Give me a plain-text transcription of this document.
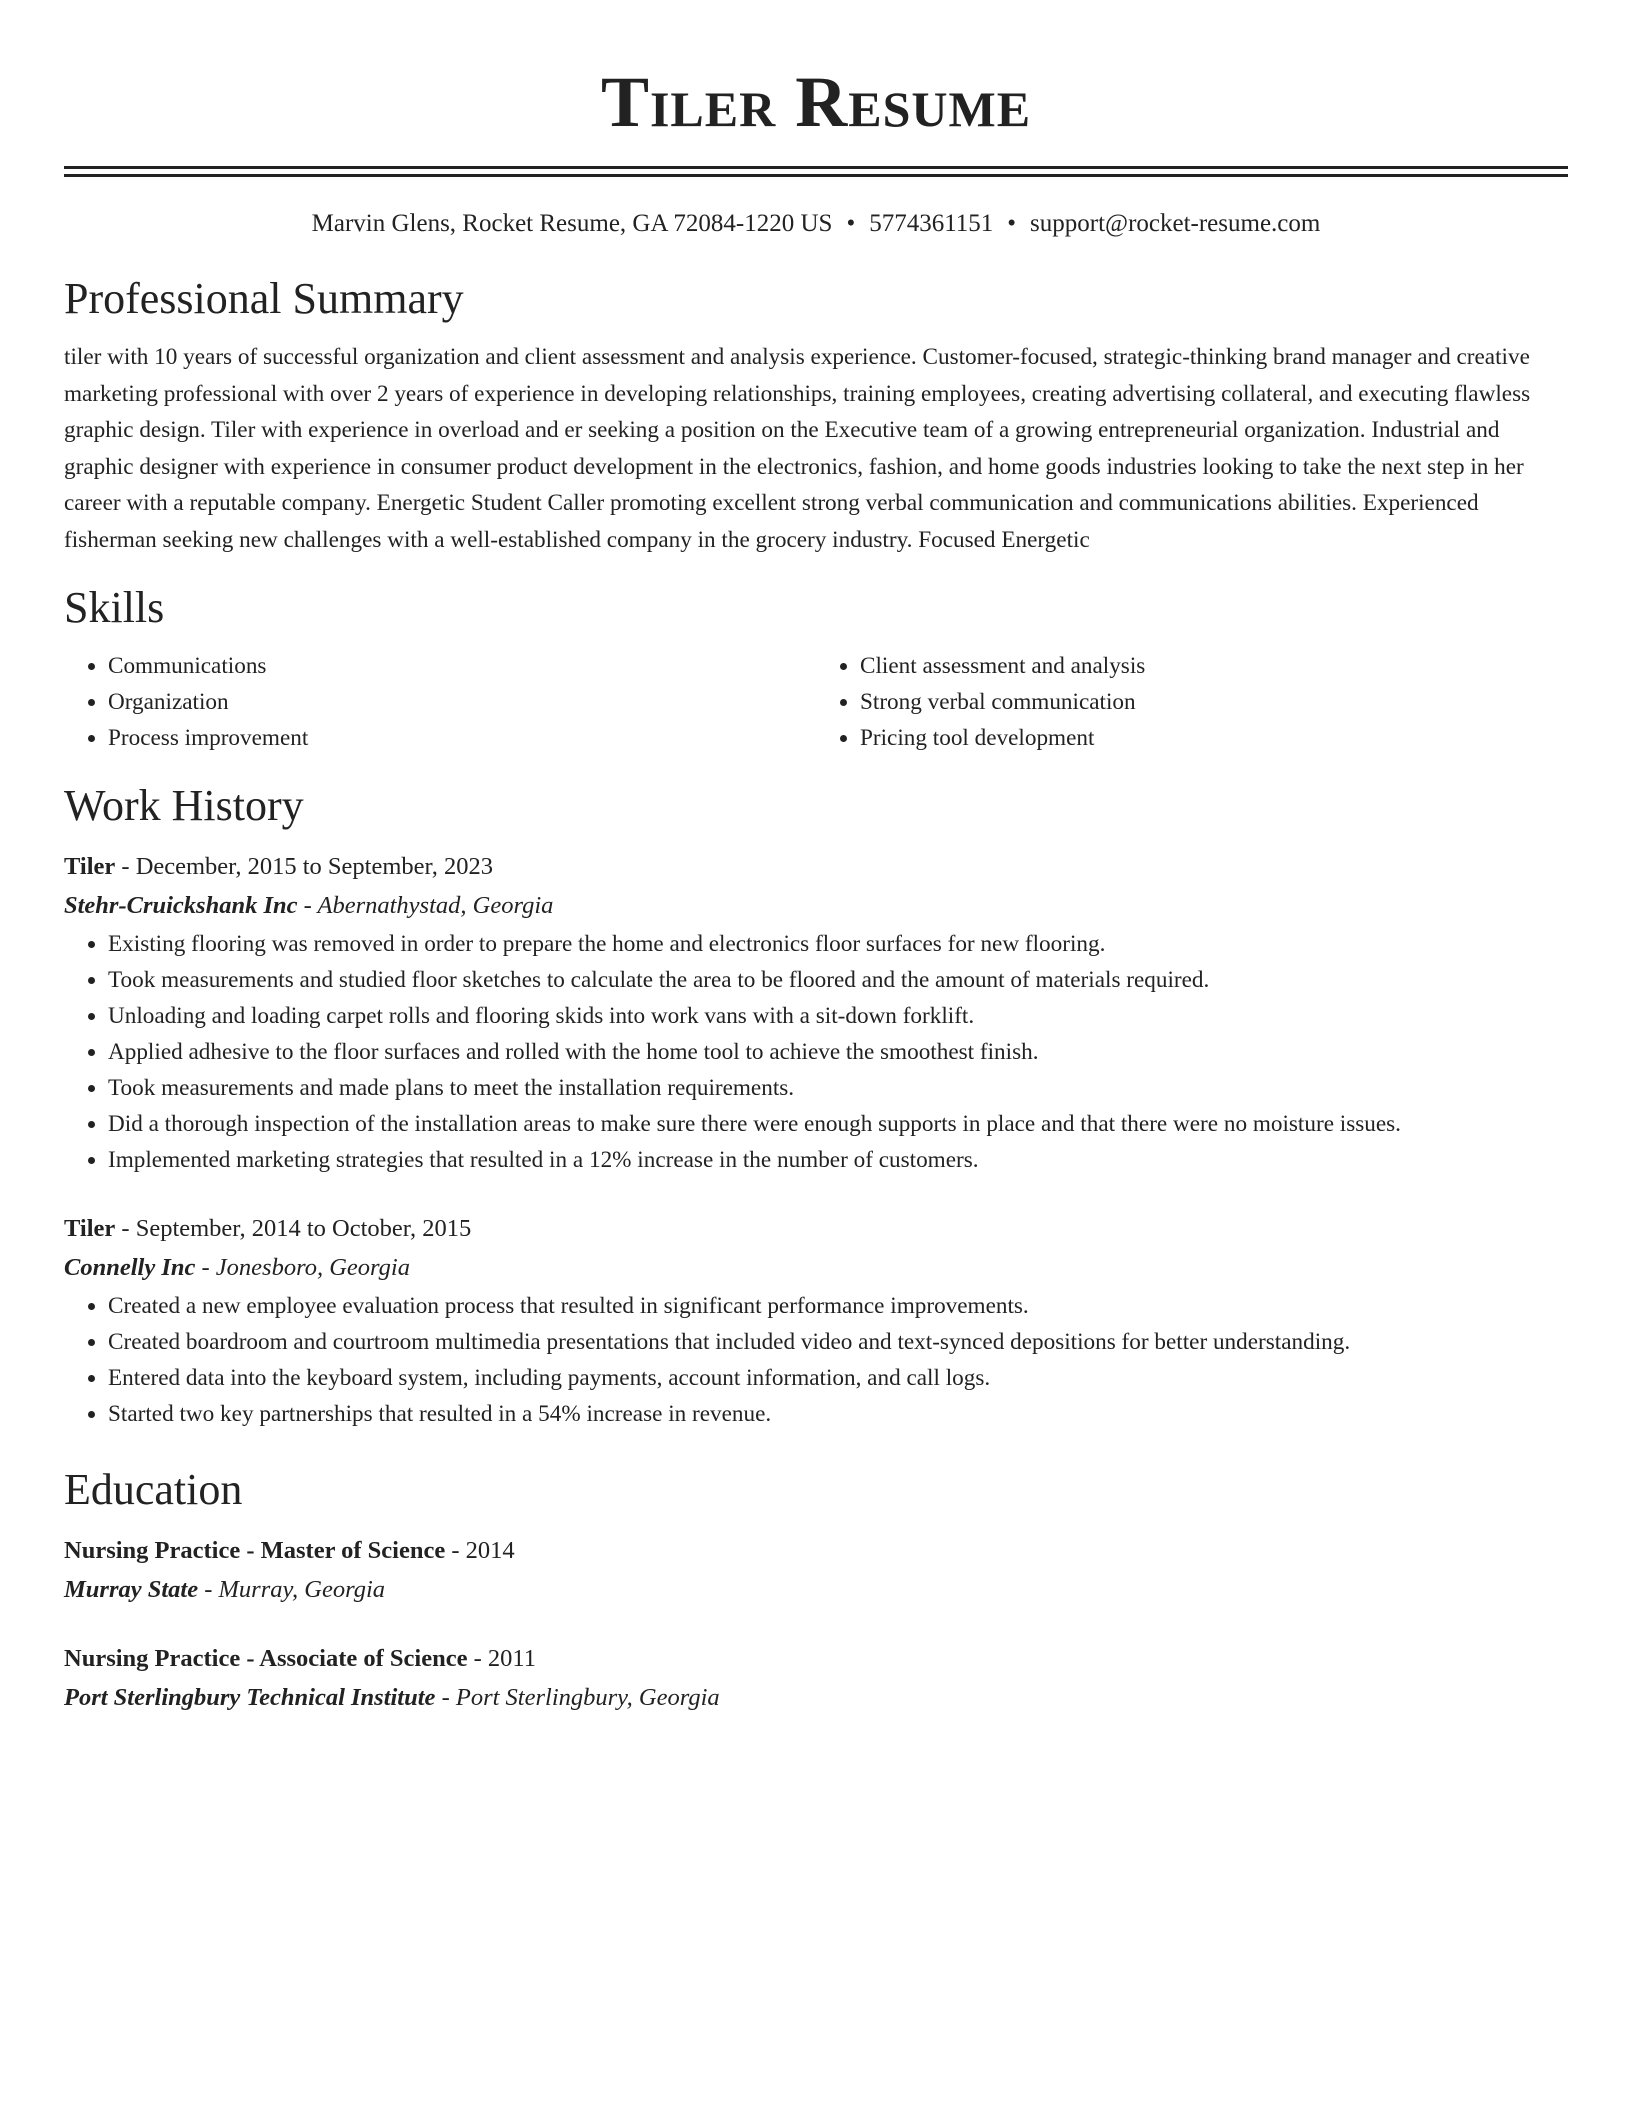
Tiler Resume
Marvin Glens, Rocket Resume, GA 72084-1220 US • 5774361151 • support@rocket-resume.com
Professional Summary
tiler with 10 years of successful organization and client assessment and analysis experience. Customer-focused, strategic-thinking brand manager and creative marketing professional with over 2 years of experience in developing relationships, training employees, creating advertising collateral, and executing flawless graphic design. Tiler with experience in overload and er seeking a position on the Executive team of a growing entrepreneurial organization. Industrial and graphic designer with experience in consumer product development in the electronics, fashion, and home goods industries looking to take the next step in her career with a reputable company. Energetic Student Caller promoting excellent strong verbal communication and communications abilities. Experienced fisherman seeking new challenges with a well-established company in the grocery industry. Focused Energetic
Skills
• Communications
• Organization
• Process improvement
• Client assessment and analysis
• Strong verbal communication
• Pricing tool development
Work History
Tiler - December, 2015 to September, 2023
Stehr-Cruickshank Inc - Abernathystad, Georgia
• Existing flooring was removed in order to prepare the home and electronics floor surfaces for new flooring.
• Took measurements and studied floor sketches to calculate the area to be floored and the amount of materials required.
• Unloading and loading carpet rolls and flooring skids into work vans with a sit-down forklift.
• Applied adhesive to the floor surfaces and rolled with the home tool to achieve the smoothest finish.
• Took measurements and made plans to meet the installation requirements.
• Did a thorough inspection of the installation areas to make sure there were enough supports in place and that there were no moisture issues.
• Implemented marketing strategies that resulted in a 12% increase in the number of customers.
Tiler - September, 2014 to October, 2015
Connelly Inc - Jonesboro, Georgia
• Created a new employee evaluation process that resulted in significant performance improvements.
• Created boardroom and courtroom multimedia presentations that included video and text-synced depositions for better understanding.
• Entered data into the keyboard system, including payments, account information, and call logs.
• Started two key partnerships that resulted in a 54% increase in revenue.
Education
Nursing Practice - Master of Science - 2014
Murray State - Murray, Georgia
Nursing Practice - Associate of Science - 2011
Port Sterlingbury Technical Institute - Port Sterlingbury, Georgia
